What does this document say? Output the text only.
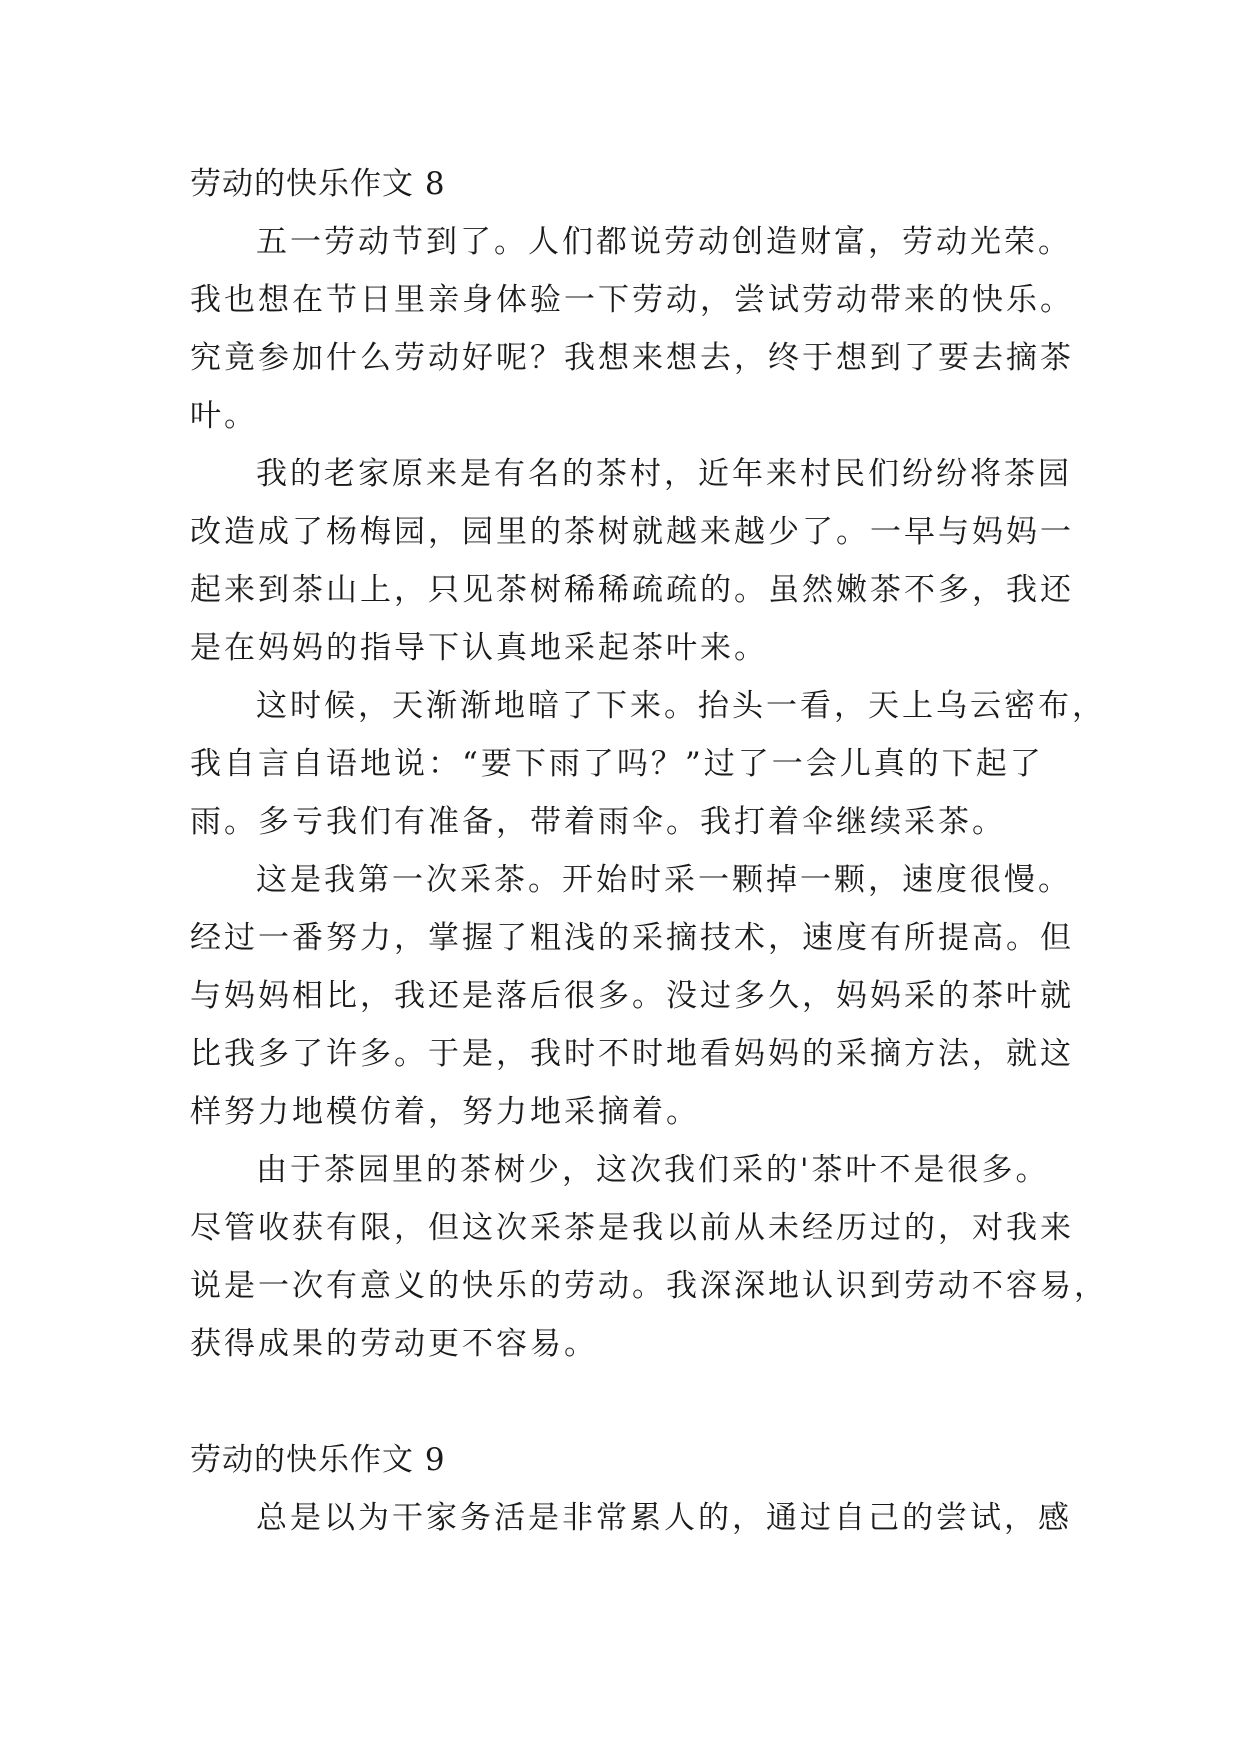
劳动的快乐作文 8
五一劳动节到了。人们都说劳动创造财富，劳动光荣。
我也想在节日里亲身体验一下劳动，尝试劳动带来的快乐。
究竟参加什么劳动好呢？我想来想去，终于想到了要去摘茶
叶。
我的老家原来是有名的茶村，近年来村民们纷纷将茶园
改造成了杨梅园，园里的茶树就越来越少了。一早与妈妈一
起来到茶山上，只见茶树稀稀疏疏的。虽然嫩茶不多，我还
是在妈妈的指导下认真地采起茶叶来。
这时候，天渐渐地暗了下来。抬头一看，天上乌云密布，
我自言自语地说：“要下雨了吗？”过了一会儿真的下起了
雨。多亏我们有准备，带着雨伞。我打着伞继续采茶。
这是我第一次采茶。开始时采一颗掉一颗，速度很慢。
经过一番努力，掌握了粗浅的采摘技术，速度有所提高。但
与妈妈相比，我还是落后很多。没过多久，妈妈采的茶叶就
比我多了许多。于是，我时不时地看妈妈的采摘方法，就这
样努力地模仿着，努力地采摘着。
由于茶园里的茶树少，这次我们采的'茶叶不是很多。
尽管收获有限，但这次采茶是我以前从未经历过的，对我来
说是一次有意义的快乐的劳动。我深深地认识到劳动不容易，
获得成果的劳动更不容易。
劳动的快乐作文 9
总是以为干家务活是非常累人的，通过自己的尝试，感
